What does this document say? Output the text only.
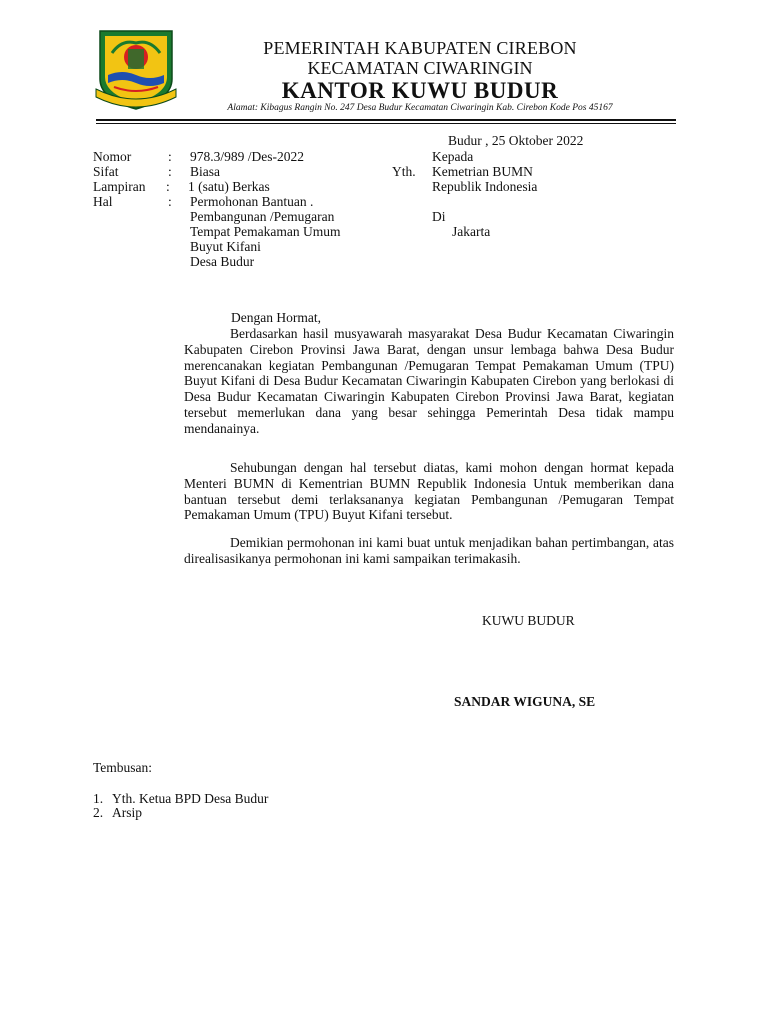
PEMERINTAH KABUPATEN CIREBON
KECAMATAN CIWARINGIN
KANTOR KUWU BUDUR
Alamat: Kibagus Rangin No. 247 Desa Budur Kecamatan Ciwaringin Kab. Cirebon Kode Pos 45167
Budur , 25 Oktober 2022
Nomor	: 978.3/989 /Des-2022
Sifat	: Biasa
Lampiran : 1 (satu) Berkas
Hal	: Permohonan Bantuan .
Pembangunan /Pemugaran
Tempat Pemakaman Umum
Buyut Kifani
Desa Budur
Kepada
Yth. Kemetrian BUMN
Republik Indonesia
Di
Jakarta
Dengan Hormat,
Berdasarkan hasil musyawarah masyarakat Desa Budur Kecamatan Ciwaringin Kabupaten Cirebon Provinsi Jawa Barat, dengan unsur lembaga bahwa Desa Budur merencanakan kegiatan Pembangunan /Pemugaran Tempat Pemakaman Umum (TPU) Buyut Kifani di Desa Budur Kecamatan Ciwaringin Kabupaten Cirebon yang berlokasi di Desa Budur Kecamatan Ciwaringin Kabupaten Cirebon Provinsi Jawa Barat, kegiatan tersebut memerlukan dana yang besar sehingga Pemerintah Desa tidak mampu mendanainya.
Sehubungan dengan hal tersebut diatas, kami mohon dengan hormat kepada Menteri BUMN di Kementrian BUMN Republik Indonesia Untuk memberikan dana bantuan tersebut demi terlaksananya kegiatan Pembangunan /Pemugaran Tempat Pemakaman Umum (TPU) Buyut Kifani tersebut.
Demikian permohonan ini kami buat untuk menjadikan bahan pertimbangan, atas direalisasikanya permohonan ini kami sampaikan terimakasih.
KUWU BUDUR
SANDAR WIGUNA, SE
Tembusan:
1. Yth. Ketua BPD Desa Budur
2. Arsip
